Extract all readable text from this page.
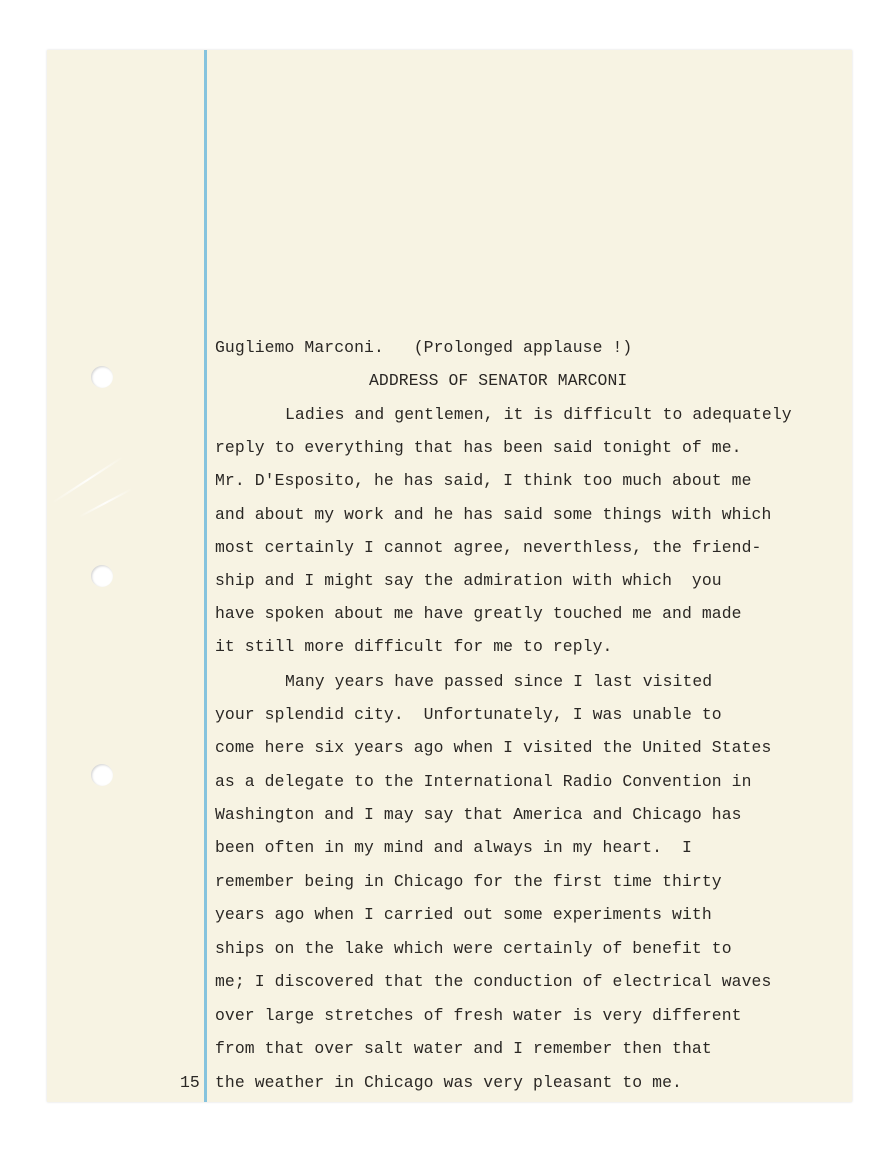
Gugliemo Marconi.   (Prolonged applause !)
ADDRESS OF SENATOR MARCONI
Ladies and gentlemen, it is difficult to adequately
reply to everything that has been said tonight of me.
Mr. D'Esposito, he has said, I think too much about me
and about my work and he has said some things with which
most certainly I cannot agree, neverthless, the friend-
ship and I might say the admiration with which  you
have spoken about me have greatly touched me and made
it still more difficult for me to reply.
Many years have passed since I last visited
your splendid city.  Unfortunately, I was unable to
come here six years ago when I visited the United States
as a delegate to the International Radio Convention in
Washington and I may say that America and Chicago has
been often in my mind and always in my heart.  I
remember being in Chicago for the first time thirty
years ago when I carried out some experiments with
ships on the lake which were certainly of benefit to
me; I discovered that the conduction of electrical waves
over large stretches of fresh water is very different
from that over salt water and I remember then that
the weather in Chicago was very pleasant to me.
15
